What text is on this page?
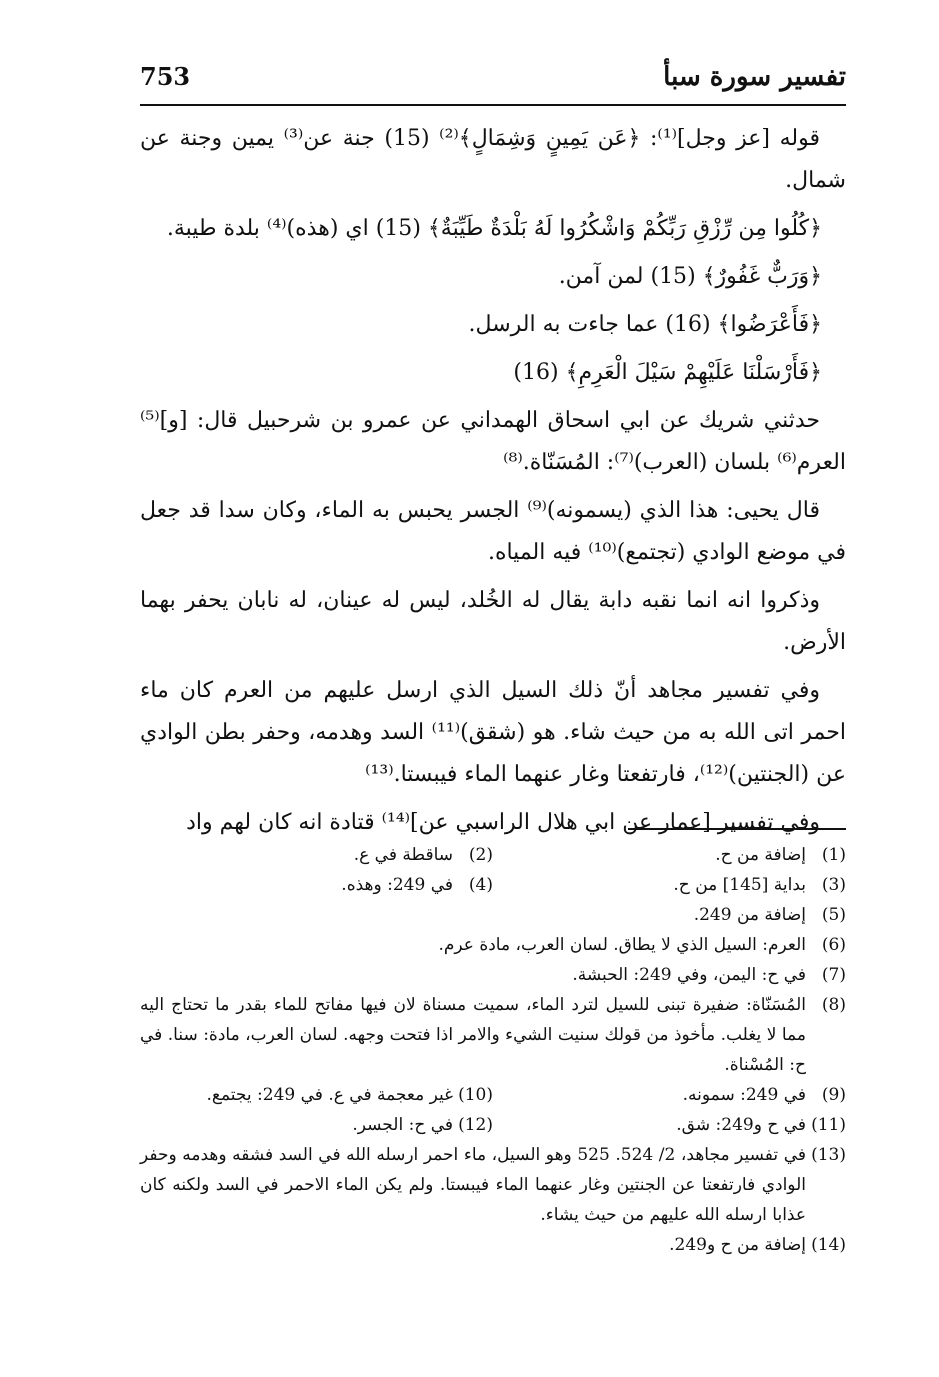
تفسير سورة سبأ
753

قوله [عز وجل]⁽¹⁾: ﴿عَن يَمِينٍ وَشِمَالٍ﴾⁽²⁾ (15) جنة عن⁽³⁾ يمين وجنة عن شمال.

﴿كُلُوا مِن رِّزْقِ رَبِّكُمْ وَاشْكُرُوا لَهُ بَلْدَةٌ طَيِّبَةٌ﴾ (15) اي (هذه)⁽⁴⁾ بلدة طيبة.

﴿وَرَبٌّ غَفُورٌ﴾ (15) لمن آمن.

﴿فَأَعْرَضُوا﴾ (16) عما جاءت به الرسل.

﴿فَأَرْسَلْنَا عَلَيْهِمْ سَيْلَ الْعَرِمِ﴾ (16)

حدثني شريك عن ابي اسحاق الهمداني عن عمرو بن شرحبيل قال: [و]⁽⁵⁾ العرم⁽⁶⁾ بلسان (العرب)⁽⁷⁾: المُسَنّاة.⁽⁸⁾

قال يحيى: هذا الذي (يسمونه)⁽⁹⁾ الجسر يحبس به الماء، وكان سدا قد جعل في موضع الوادي (تجتمع)⁽¹⁰⁾ فيه المياه.

وذكروا انه انما نقبه دابة يقال له الخُلد، ليس له عينان، له نابان يحفر بهما الأرض.

وفي تفسير مجاهد أنّ ذلك السيل الذي ارسل عليهم من العرم كان ماء احمر اتى الله به من حيث شاء. هو (شقق)⁽¹¹⁾ السد وهدمه، وحفر بطن الوادي عن (الجنتين)⁽¹²⁾، فارتفعتا وغار عنهما الماء فيبستا.⁽¹³⁾

وفي تفسير [عمار عن ابي هلال الراسبي عن]⁽¹⁴⁾ قتادة انه كان لهم واد

(1)
إضافة من ح.
(2)
ساقطة في ع.
(3)
بداية [145] من ح.
(4)
في 249: وهذه.
(5)
إضافة من 249.
(6)
العرم: السيل الذي لا يطاق. لسان العرب، مادة عرم.
(7)
في ح: اليمن، وفي 249: الحبشة.
(8)
المُسَنّاة: ضفيرة تبنى للسيل لترد الماء، سميت مسناة لان فيها مفاتح للماء بقدر ما تحتاج اليه مما لا يغلب. مأخوذ من قولك سنيت الشيء والامر اذا فتحت وجهه. لسان العرب، مادة: سنا. في ح: المُسْناة.
(9)
في 249: سمونه.
(10)
غير معجمة في ع. في 249: يجتمع.
(11)
في ح و249: شق.
(12)
في ح: الجسر.
(13)
في تفسير مجاهد، 2/ 524. 525 وهو السيل، ماء احمر ارسله الله في السد فشقه وهدمه وحفر الوادي فارتفعتا عن الجنتين وغار عنهما الماء فيبستا. ولم يكن الماء الاحمر في السد ولكنه كان عذابا ارسله الله عليهم من حيث يشاء.
(14)
إضافة من ح و249.
